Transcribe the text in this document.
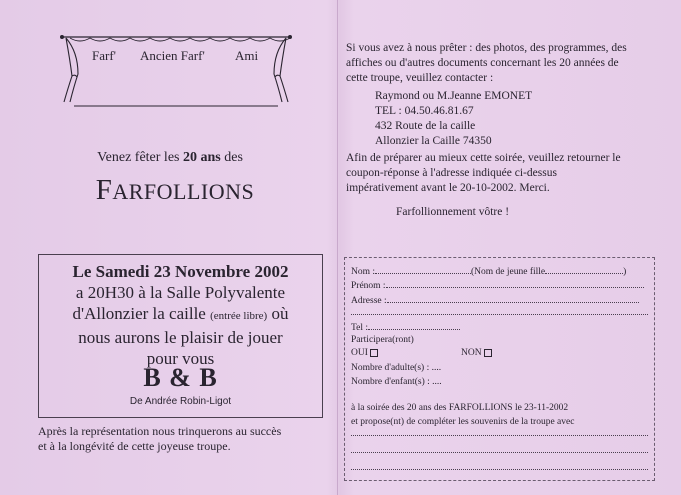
Farf' Ancien Farf' Ami
Venez fêter les 20 ans des
FARFOLLIONS
Le Samedi 23 Novembre 2002
a 20H30 à la Salle Polyvalente
d'Allonzier la caille (entrée libre) où
nous aurons le plaisir de jouer
pour vous
B & B
De Andrée Robin-Ligot
Après la représentation nous trinquerons au succès
et à la longévité de cette joyeuse troupe.
Si vous avez à nous prêter : des photos, des programmes, des
affiches ou d'autres documents concernant les 20 années de
cette troupe, veuillez contacter :
Raymond ou M.Jeanne EMONET
TEL : 04.50.46.81.67
432 Route de la caille
Allonzier la Caille 74350
Afin de préparer au mieux cette soirée, veuillez retourner le
coupon-réponse à l'adresse indiquée ci-dessus
impérativement avant le 20-10-2002. Merci.
Farfollionnement vôtre !
Nom :	(Nom de jeune fille	)
Prénom :
Adresse :
Tel :
Participera(ront)
OUI	NON
Nombre d'adulte(s) : ....
Nombre d'enfant(s) : ....
à la soirée des 20 ans des FARFOLLIONS le 23-11-2002
et propose(nt) de compléter les souvenirs de la troupe avec
